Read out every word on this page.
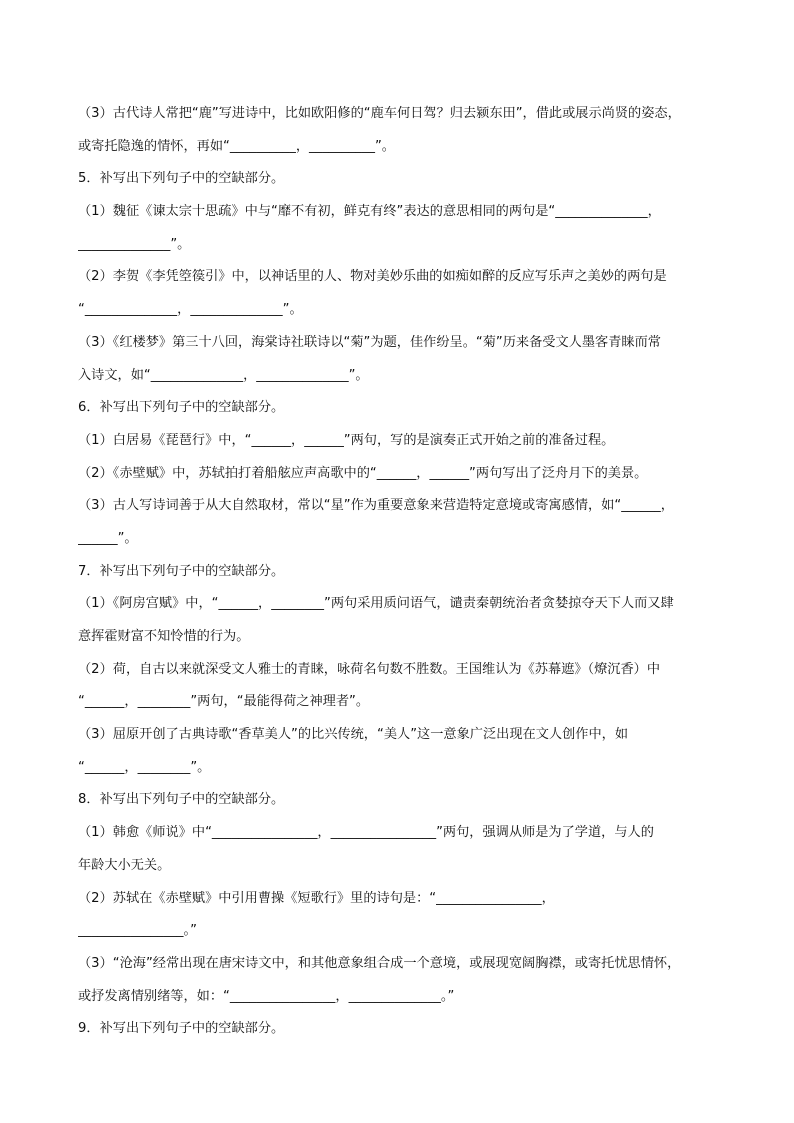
（3）古代诗人常把“鹿”写进诗中，比如欧阳修的“鹿车何日驾？归去颍东田”，借此或展示尚贤的姿态，
或寄托隐逸的情怀，再如“__________，__________”。
5．补写出下列句子中的空缺部分。
（1）魏征《谏太宗十思疏》中与“靡不有初，鲜克有终”表达的意思相同的两句是“______________，
______________”。
（2）李贺《李凭箜篌引》中，以神话里的人、物对美妙乐曲的如痴如醉的反应写乐声之美妙的两句是
“______________，______________”。
（3）《红楼梦》第三十八回，海棠诗社联诗以“菊”为题，佳作纷呈。“菊”历来备受文人墨客青睐而常
入诗文，如“______________，______________”。
6．补写出下列句子中的空缺部分。
（1）白居易《琵琶行》中，“______，______”两句，写的是演奏正式开始之前的准备过程。
（2）《赤壁赋》中，苏轼拍打着船舷应声高歌中的“______，______”两句写出了泛舟月下的美景。
（3）古人写诗词善于从大自然取材，常以“星”作为重要意象来营造特定意境或寄寓感情，如“______，
______”。
7．补写出下列句子中的空缺部分。
（1）《阿房宫赋》中，“______，________”两句采用质问语气，谴责秦朝统治者贪婪掠夺天下人而又肆
意挥霍财富不知怜惜的行为。
（2）荷，自古以来就深受文人雅士的青睐，咏荷名句数不胜数。王国维认为《苏幕遮》（燎沉香）中
“______，________”两句，“最能得荷之神理者”。
（3）屈原开创了古典诗歌“香草美人”的比兴传统，“美人”这一意象广泛出现在文人创作中，如
“______，________”。
8．补写出下列句子中的空缺部分。
（1）韩愈《师说》中“________________，________________”两句，强调从师是为了学道，与人的
年龄大小无关。
（2）苏轼在《赤壁赋》中引用曹操《短歌行》里的诗句是：“________________，
________________。”
（3）“沧海”经常出现在唐宋诗文中，和其他意象组合成一个意境，或展现宽阔胸襟，或寄托忧思情怀，
或抒发离情别绪等，如：“________________，______________。”
9．补写出下列句子中的空缺部分。
